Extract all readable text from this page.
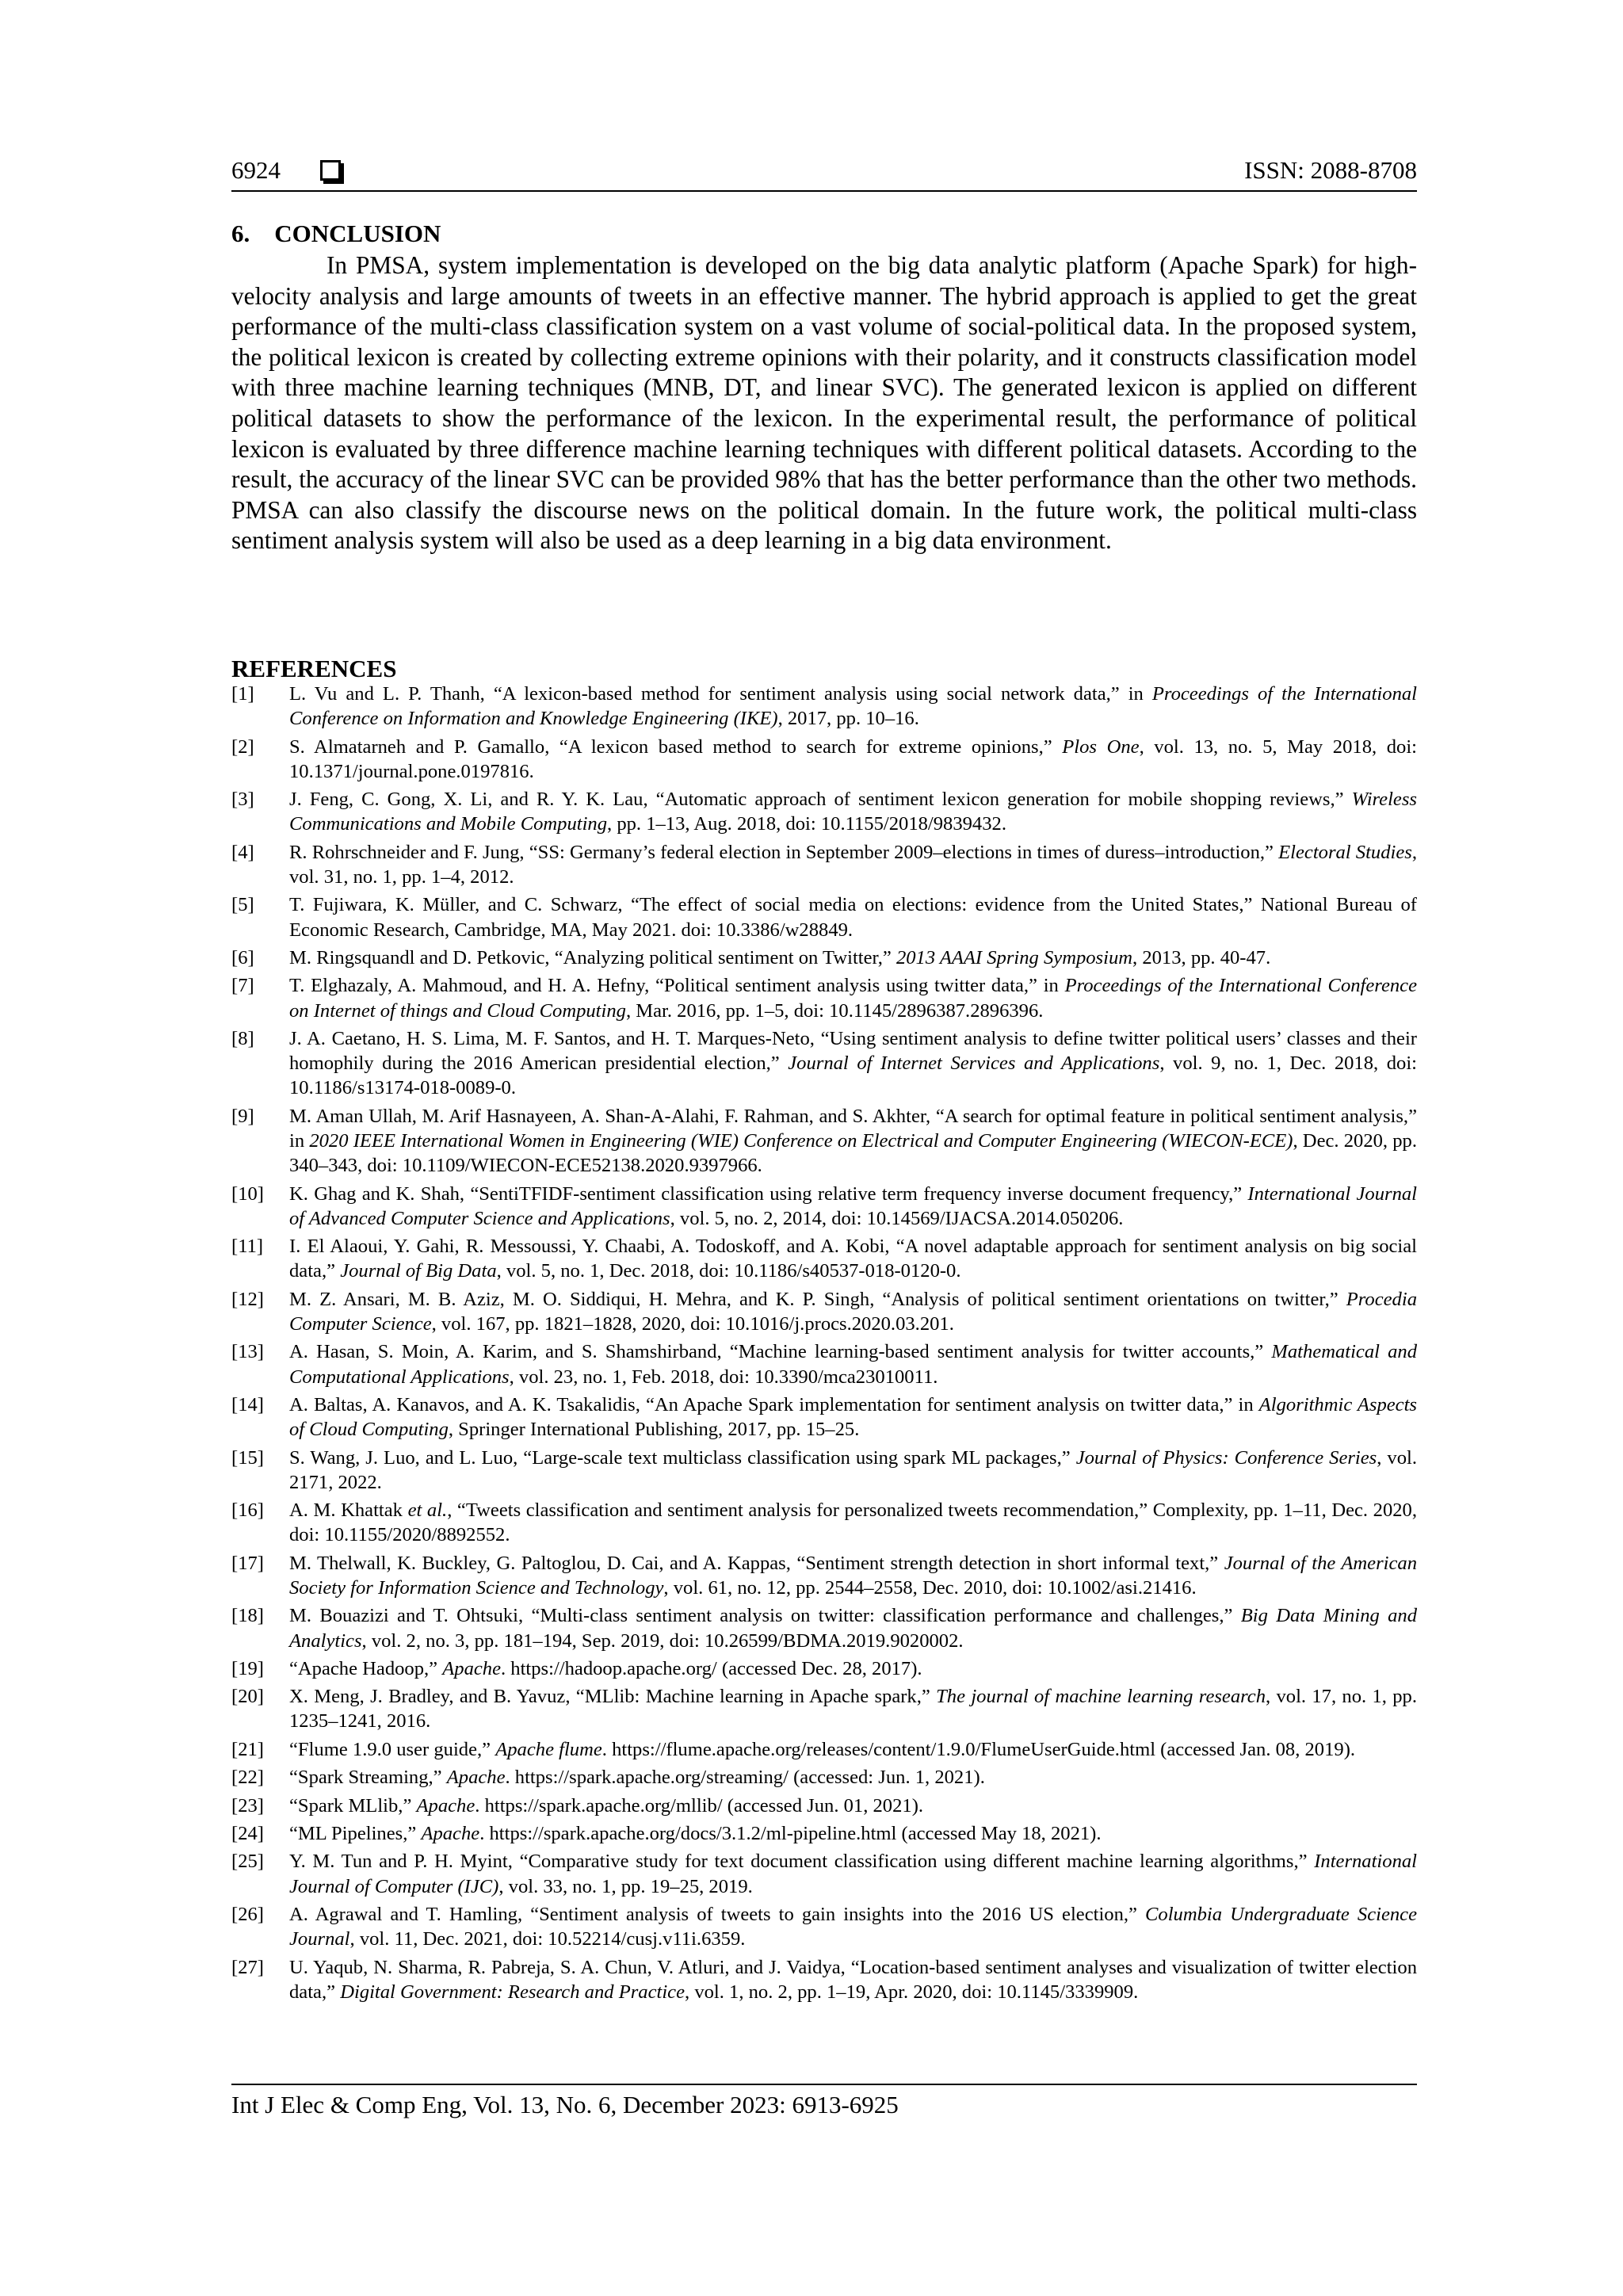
6924	ISSN: 2088-8708
6.    CONCLUSION

In PMSA, system implementation is developed on the big data analytic platform (Apache Spark) for high-velocity analysis and large amounts of tweets in an effective manner. The hybrid approach is applied to get the great performance of the multi-class classification system on a vast volume of social-political data. In the proposed system, the political lexicon is created by collecting extreme opinions with their polarity, and it constructs classification model with three machine learning techniques (MNB, DT, and linear SVC). The generated lexicon is applied on different political datasets to show the performance of the lexicon. In the experimental result, the performance of political lexicon is evaluated by three difference machine learning techniques with different political datasets. According to the result, the accuracy of the linear SVC can be provided 98% that has the better performance than the other two methods. PMSA can also classify the discourse news on the political domain. In the future work, the political multi-class sentiment analysis system will also be used as a deep learning in a big data environment.

REFERENCES
[1] L. Vu and L. P. Thanh, “A lexicon-based method for sentiment analysis using social network data,” in Proceedings of the International Conference on Information and Knowledge Engineering (IKE), 2017, pp. 10–16.
[2] S. Almatarneh and P. Gamallo, “A lexicon based method to search for extreme opinions,” Plos One, vol. 13, no. 5, May 2018, doi: 10.1371/journal.pone.0197816.
[3] J. Feng, C. Gong, X. Li, and R. Y. K. Lau, “Automatic approach of sentiment lexicon generation for mobile shopping reviews,” Wireless Communications and Mobile Computing, pp. 1–13, Aug. 2018, doi: 10.1155/2018/9839432.
[4] R. Rohrschneider and F. Jung, “SS: Germany’s federal election in September 2009–elections in times of duress–introduction,” Electoral Studies, vol. 31, no. 1, pp. 1–4, 2012.
[5] T. Fujiwara, K. Müller, and C. Schwarz, “The effect of social media on elections: evidence from the United States,” National Bureau of Economic Research, Cambridge, MA, May 2021. doi: 10.3386/w28849.
[6] M. Ringsquandl and D. Petkovic, “Analyzing political sentiment on Twitter,” 2013 AAAI Spring Symposium, 2013, pp. 40-47.
[7] T. Elghazaly, A. Mahmoud, and H. A. Hefny, “Political sentiment analysis using twitter data,” in Proceedings of the International Conference on Internet of things and Cloud Computing, Mar. 2016, pp. 1–5, doi: 10.1145/2896387.2896396.
[8] J. A. Caetano, H. S. Lima, M. F. Santos, and H. T. Marques-Neto, “Using sentiment analysis to define twitter political users’ classes and their homophily during the 2016 American presidential election,” Journal of Internet Services and Applications, vol. 9, no. 1, Dec. 2018, doi: 10.1186/s13174-018-0089-0.
[9] M. Aman Ullah, M. Arif Hasnayeen, A. Shan-A-Alahi, F. Rahman, and S. Akhter, “A search for optimal feature in political sentiment analysis,” in 2020 IEEE International Women in Engineering (WIE) Conference on Electrical and Computer Engineering (WIECON-ECE), Dec. 2020, pp. 340–343, doi: 10.1109/WIECON-ECE52138.2020.9397966.
[10] K. Ghag and K. Shah, “SentiTFIDF-sentiment classification using relative term frequency inverse document frequency,” International Journal of Advanced Computer Science and Applications, vol. 5, no. 2, 2014, doi: 10.14569/IJACSA.2014.050206.
[11] I. El Alaoui, Y. Gahi, R. Messoussi, Y. Chaabi, A. Todoskoff, and A. Kobi, “A novel adaptable approach for sentiment analysis on big social data,” Journal of Big Data, vol. 5, no. 1, Dec. 2018, doi: 10.1186/s40537-018-0120-0.
[12] M. Z. Ansari, M. B. Aziz, M. O. Siddiqui, H. Mehra, and K. P. Singh, “Analysis of political sentiment orientations on twitter,” Procedia Computer Science, vol. 167, pp. 1821–1828, 2020, doi: 10.1016/j.procs.2020.03.201.
[13] A. Hasan, S. Moin, A. Karim, and S. Shamshirband, “Machine learning-based sentiment analysis for twitter accounts,” Mathematical and Computational Applications, vol. 23, no. 1, Feb. 2018, doi: 10.3390/mca23010011.
[14] A. Baltas, A. Kanavos, and A. K. Tsakalidis, “An Apache Spark implementation for sentiment analysis on twitter data,” in Algorithmic Aspects of Cloud Computing, Springer International Publishing, 2017, pp. 15–25.
[15] S. Wang, J. Luo, and L. Luo, “Large-scale text multiclass classification using spark ML packages,” Journal of Physics: Conference Series, vol. 2171, 2022.
[16] A. M. Khattak et al., “Tweets classification and sentiment analysis for personalized tweets recommendation,” Complexity, pp. 1–11, Dec. 2020, doi: 10.1155/2020/8892552.
[17] M. Thelwall, K. Buckley, G. Paltoglou, D. Cai, and A. Kappas, “Sentiment strength detection in short informal text,” Journal of the American Society for Information Science and Technology, vol. 61, no. 12, pp. 2544–2558, Dec. 2010, doi: 10.1002/asi.21416.
[18] M. Bouazizi and T. Ohtsuki, “Multi-class sentiment analysis on twitter: classification performance and challenges,” Big Data Mining and Analytics, vol. 2, no. 3, pp. 181–194, Sep. 2019, doi: 10.26599/BDMA.2019.9020002.
[19] “Apache Hadoop,” Apache. https://hadoop.apache.org/ (accessed Dec. 28, 2017).
[20] X. Meng, J. Bradley, and B. Yavuz, “MLlib: Machine learning in Apache spark,” The journal of machine learning research, vol. 17, no. 1, pp. 1235–1241, 2016.
[21] “Flume 1.9.0 user guide,” Apache flume. https://flume.apache.org/releases/content/1.9.0/FlumeUserGuide.html (accessed Jan. 08, 2019).
[22] “Spark Streaming,” Apache. https://spark.apache.org/streaming/ (accessed: Jun. 1, 2021).
[23] “Spark MLlib,” Apache. https://spark.apache.org/mllib/ (accessed Jun. 01, 2021).
[24] “ML Pipelines,” Apache. https://spark.apache.org/docs/3.1.2/ml-pipeline.html (accessed May 18, 2021).
[25] Y. M. Tun and P. H. Myint, “Comparative study for text document classification using different machine learning algorithms,” International Journal of Computer (IJC), vol. 33, no. 1, pp. 19–25, 2019.
[26] A. Agrawal and T. Hamling, “Sentiment analysis of tweets to gain insights into the 2016 US election,” Columbia Undergraduate Science Journal, vol. 11, Dec. 2021, doi: 10.52214/cusj.v11i.6359.
[27] U. Yaqub, N. Sharma, R. Pabreja, S. A. Chun, V. Atluri, and J. Vaidya, “Location-based sentiment analyses and visualization of twitter election data,” Digital Government: Research and Practice, vol. 1, no. 2, pp. 1–19, Apr. 2020, doi: 10.1145/3339909.
Int J Elec & Comp Eng, Vol. 13, No. 6, December 2023: 6913-6925
